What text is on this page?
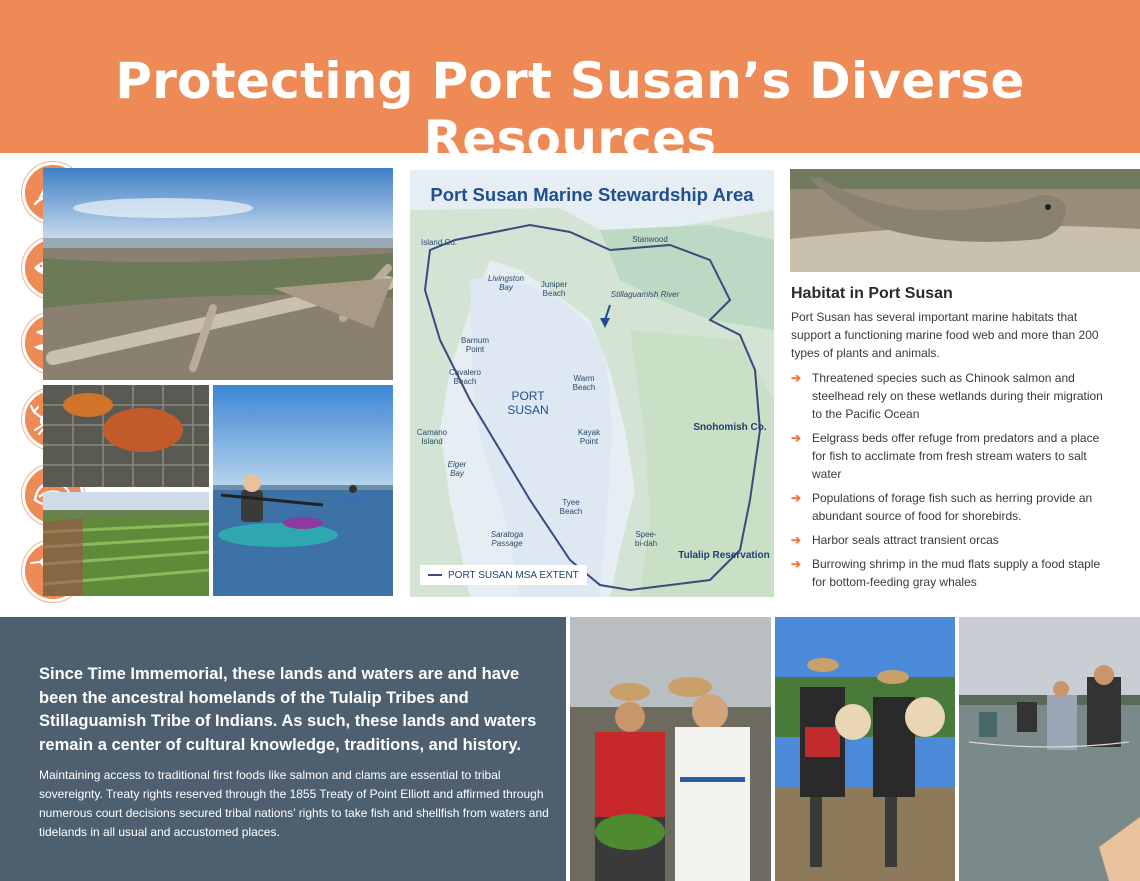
Protecting Port Susan’s Diverse Resources
Port Susan Marine Stewardship Area
Island Co.	Stanwood
Livingston Bay	Juniper Beach	Stillaguamish River
Barnum Point
Cavalero Beach
PORT SUSAN
Warm Beach
Camano Island
Elger Bay
Kayak Point
Snohomish Co.
Tyee Beach
Saratoga Passage
Spee- bi-dah
Tulalip Reservation
PORT SUSAN MSA EXTENT
Habitat in Port Susan
Port Susan has several important marine habitats that support a functioning marine food web and more than 200 types of plants and animals.
➔ Threatened species such as Chinook salmon and steelhead rely on these wetlands during their migration to the Pacific Ocean
➔ Eelgrass beds offer refuge from predators and a place for fish to acclimate from fresh stream waters to salt water
➔ Populations of forage fish such as herring provide an abundant source of food for shorebirds.
➔ Harbor seals attract transient orcas
➔ Burrowing shrimp in the mud flats supply a food staple for bottom-feeding gray whales
Since Time Immemorial, these lands and waters are and have been the ancestral homelands of the Tulalip Tribes and Stillaguamish Tribe of Indians. As such, these lands and waters remain a center of cultural knowledge, traditions, and history.
Maintaining access to traditional first foods like salmon and clams are essential to tribal sovereignty. Treaty rights reserved through the 1855 Treaty of Point Elliott and affirmed through numerous court decisions secured tribal nations’ rights to take fish and shellfish from waters and tidelands in all usual and accustomed places.
